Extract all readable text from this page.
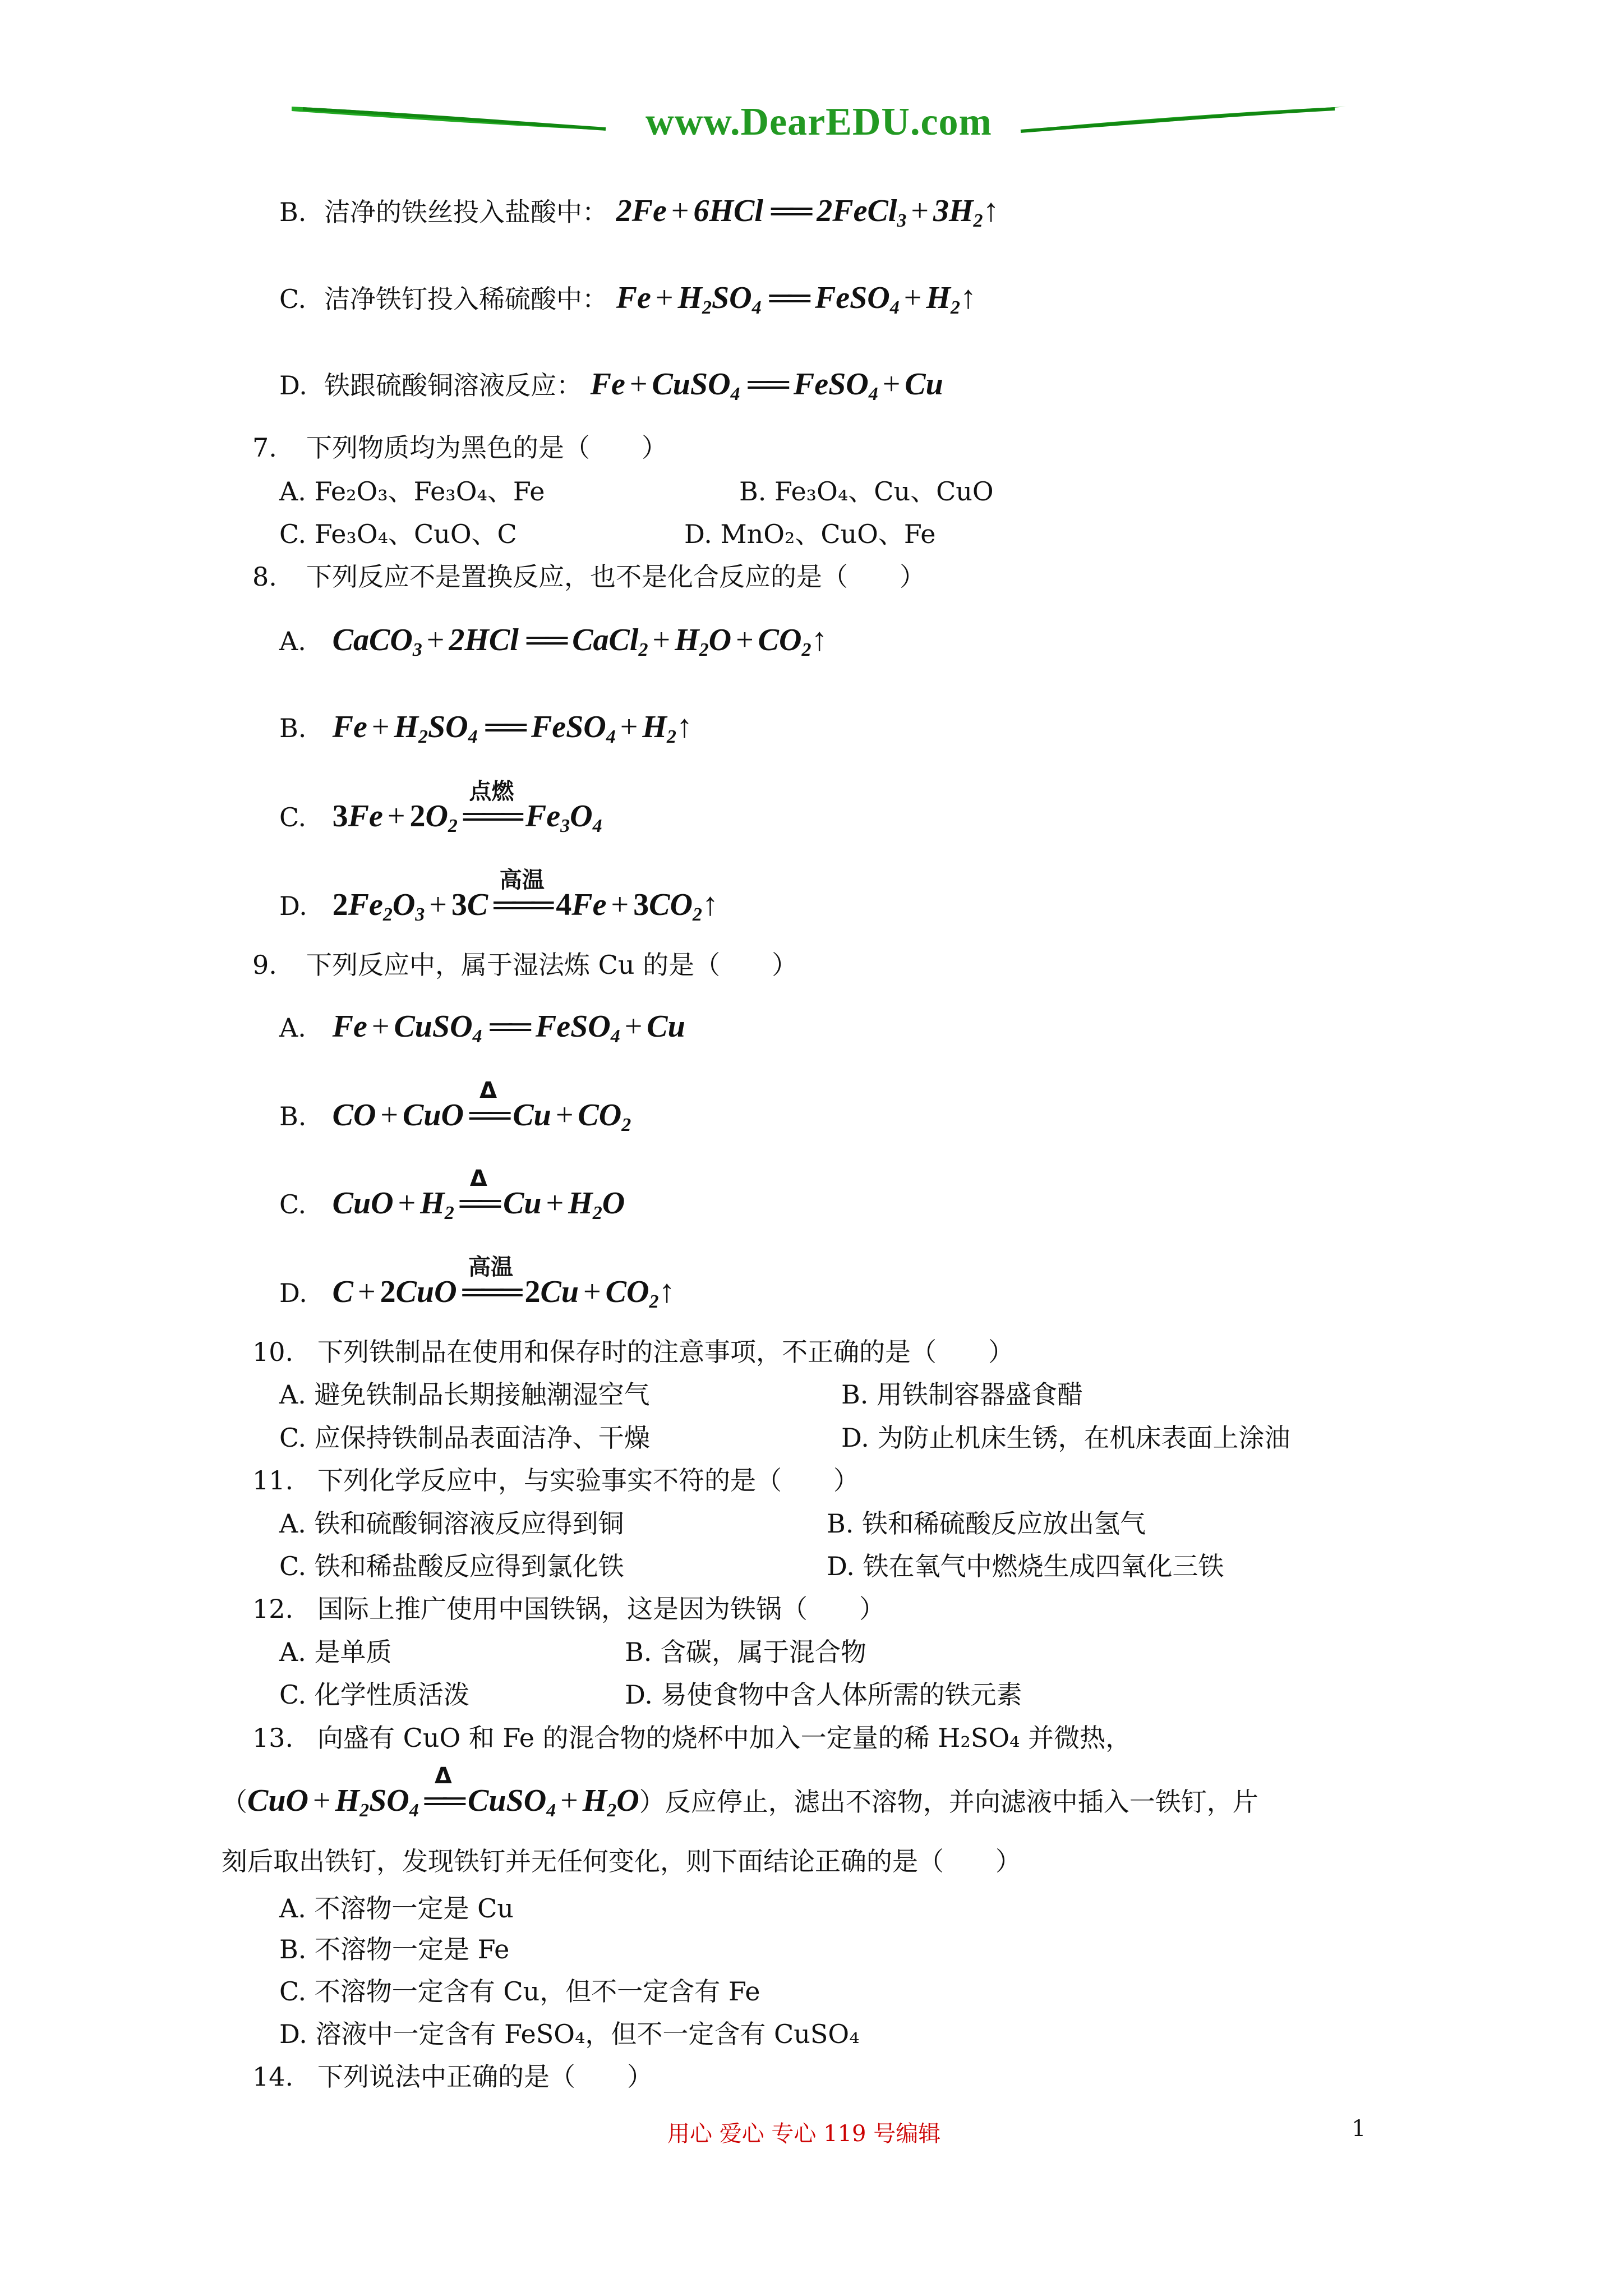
www.DearEDU.com
B. 洁净的铁丝投入盐酸中： 2Fe + 6HCl ══ 2FeCl$_3$ + $3H_2↑$
C. 洁净铁钉投入稀硫酸中： $Fe + H_2SO_4$ ══ FeSO$_4$ + $H_2↑$
D. 铁跟硫酸铜溶液反应： Fe + CuSO$_4$ ══ FeSO$_4$ + Cu
7. 下列物质均为黑色的是（　　）
A. Fe₂O₃、Fe₃O₄、Fe	B. Fe₃O₄、Cu、CuO
C. Fe₃O₄、CuO、C	D. MnO₂、CuO、Fe
8. 下列反应不是置换反应，也不是化合反应的是（　　）
A. CaCO$_3$ + 2HCl ══ CaCl$_2$ + $H_2O$ + $CO_2↑$
B. $Fe + H_2SO_4$ ══ FeSO$_4$ + $H_2↑$
C. $3Fe + 2O_2$
点燃
═══ $Fe_3O_4$
D. $2Fe_2O_3 + 3C$
高温
═══ $4Fe + 3CO_2↑$
9. 下列反应中，属于湿法炼 Cu 的是（　　）
A. Fe + CuSO$_4$ ══ FeSO$_4$ + Cu
B. CO + CuO
Δ
══ $Cu + CO_2$
C. CuO + $H_2$
Δ
══ $Cu + H_2O$
D. C + 2CuO
高温
═══ $2Cu + CO_2↑$
10. 下列铁制品在使用和保存时的注意事项，不正确的是（　　）
A. 避免铁制品长期接触潮湿空气	B. 用铁制容器盛食醋
C. 应保持铁制品表面洁净、干燥	D. 为防止机床生锈，在机床表面上涂油
11. 下列化学反应中，与实验事实不符的是（　　）
A. 铁和硫酸铜溶液反应得到铜	B. 铁和稀硫酸反应放出氢气
C. 铁和稀盐酸反应得到氯化铁	D. 铁在氧气中燃烧生成四氧化三铁
12. 国际上推广使用中国铁锅，这是因为铁锅（　　）
A. 是单质	B. 含碳，属于混合物
C. 化学性质活泼	D. 易使食物中含人体所需的铁元素
13. 向盛有 CuO 和 Fe 的混合物的烧杯中加入一定量的稀 H₂SO₄ 并微热，
（$CuO + H_2SO_4$
Δ
══ CuSO$_4$ + $H_2O$）反应停止，滤出不溶物，并向滤液中插入一铁钉，片
刻后取出铁钉，发现铁钉并无任何变化，则下面结论正确的是（　　）
A. 不溶物一定是 Cu
B. 不溶物一定是 Fe
C. 不溶物一定含有 Cu，但不一定含有 Fe
D. 溶液中一定含有 FeSO₄，但不一定含有 CuSO₄
14. 下列说法中正确的是（　　）
用心 爱心 专心 119 号编辑	1
